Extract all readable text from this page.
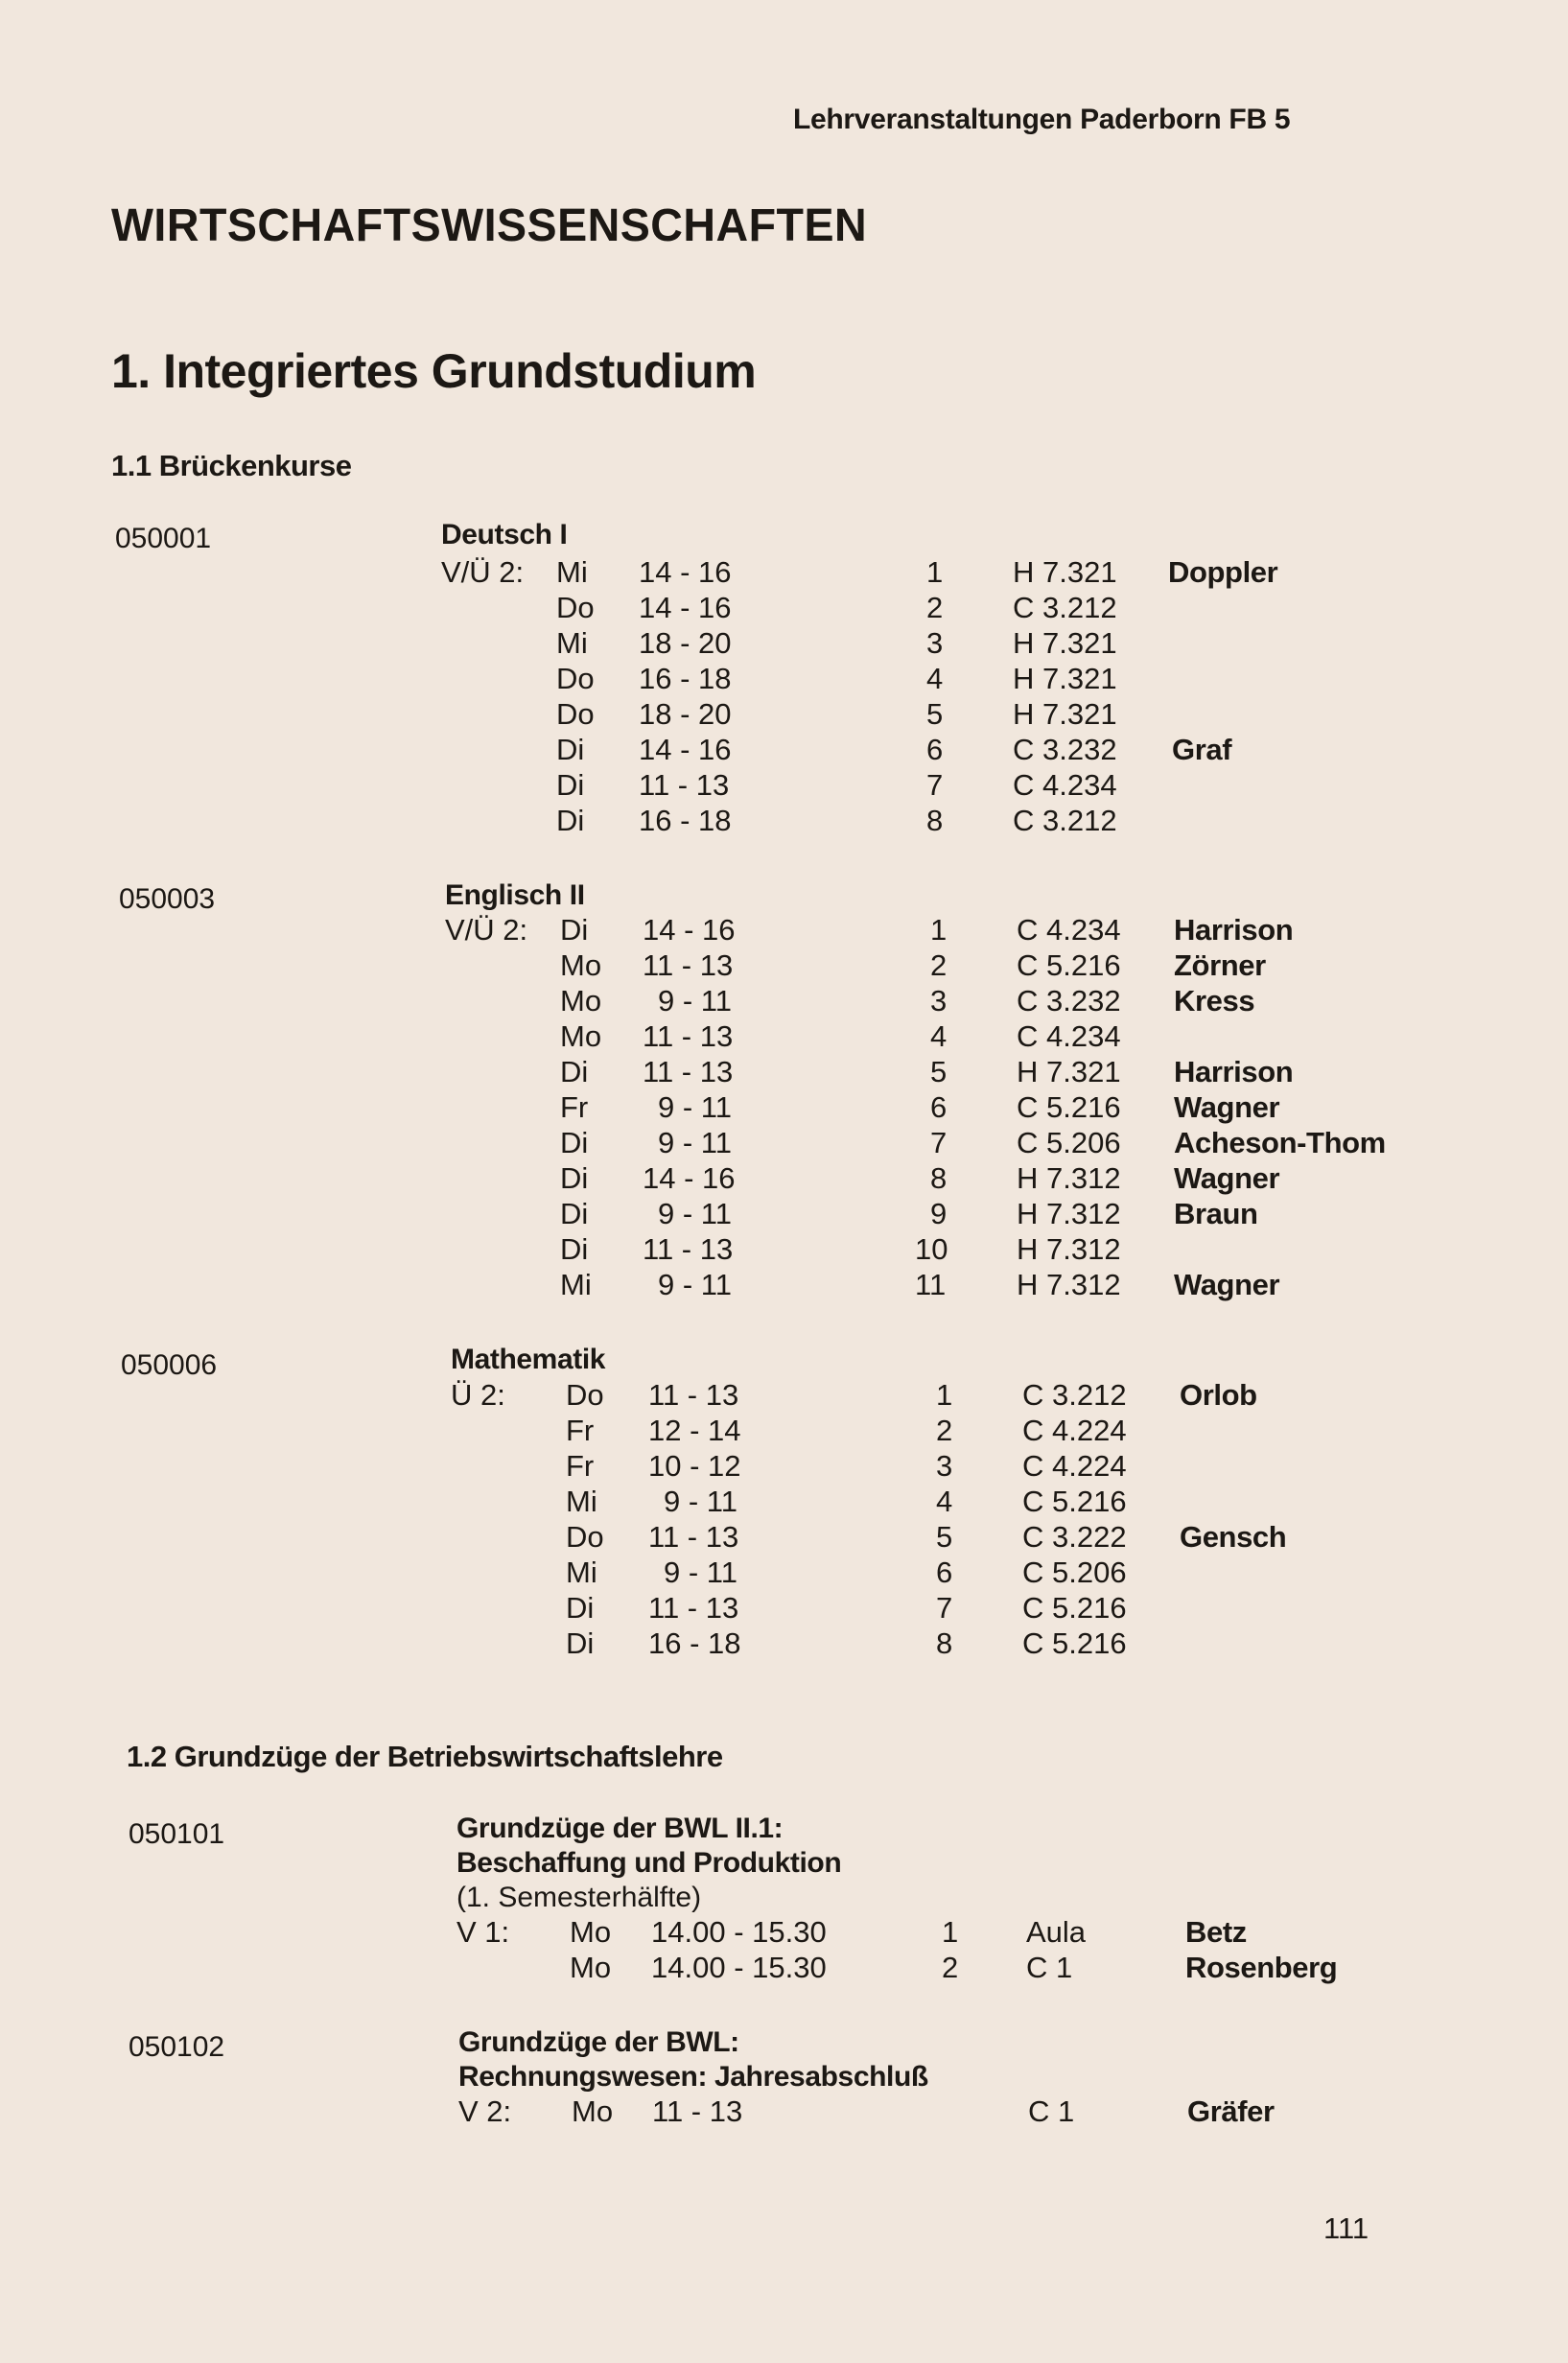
Lehrveranstaltungen Paderborn FB 5
WIRTSCHAFTSWISSENSCHAFTEN
1. Integriertes Grundstudium
1.1 Brückenkurse
050001	Deutsch I
V/Ü 2: Mi 14 - 16	1 H 7.321 Doppler
Do 14 - 16	2 C 3.212
Mi 18 - 20	3 H 7.321
Do 16 - 18	4 H 7.321
Do 18 - 20	5 H 7.321
Di 14 - 16	6 C 3.232 Graf
Di 11 - 13	7 C 4.234
Di 16 - 18	8 C 3.212
050003	Englisch II
V/Ü 2: Di 14 - 16	1 C 4.234 Harrison
Mo 11 - 13	2 C 5.216 Zörner
Mo 9 - 11	3 C 3.232 Kress
Mo 11 - 13	4 C 4.234
Di 11 - 13	5 H 7.321 Harrison
Fr 9 - 11	6 C 5.216 Wagner
Di 9 - 11	7 C 5.206 Acheson-Thom
Di 14 - 16	8 H 7.312 Wagner
Di 9 - 11	9 H 7.312 Braun
Di 11 - 13	10 H 7.312
Mi 9 - 11	11 H 7.312 Wagner
050006	Mathematik
Ü 2: Do 11 - 13	1 C 3.212 Orlob
Fr 12 - 14	2 C 4.224
Fr 10 - 12	3 C 4.224
Mi 9 - 11	4 C 5.216
Do 11 - 13	5 C 3.222 Gensch
Mi 9 - 11	6 C 5.206
Di 11 - 13	7 C 5.216
Di 16 - 18	8 C 5.216
1.2 Grundzüge der Betriebswirtschaftslehre
050101	Grundzüge der BWL II.1:
Beschaffung und Produktion
(1. Semesterhälfte)
V 1: Mo 14.00 - 15.30	1 Aula	Betz
Mo 14.00 - 15.30	2 C 1	Rosenberg
050102	Grundzüge der BWL:
Rechnungswesen: Jahresabschluß
V 2: Mo 11 - 13	C 1	Gräfer
111
